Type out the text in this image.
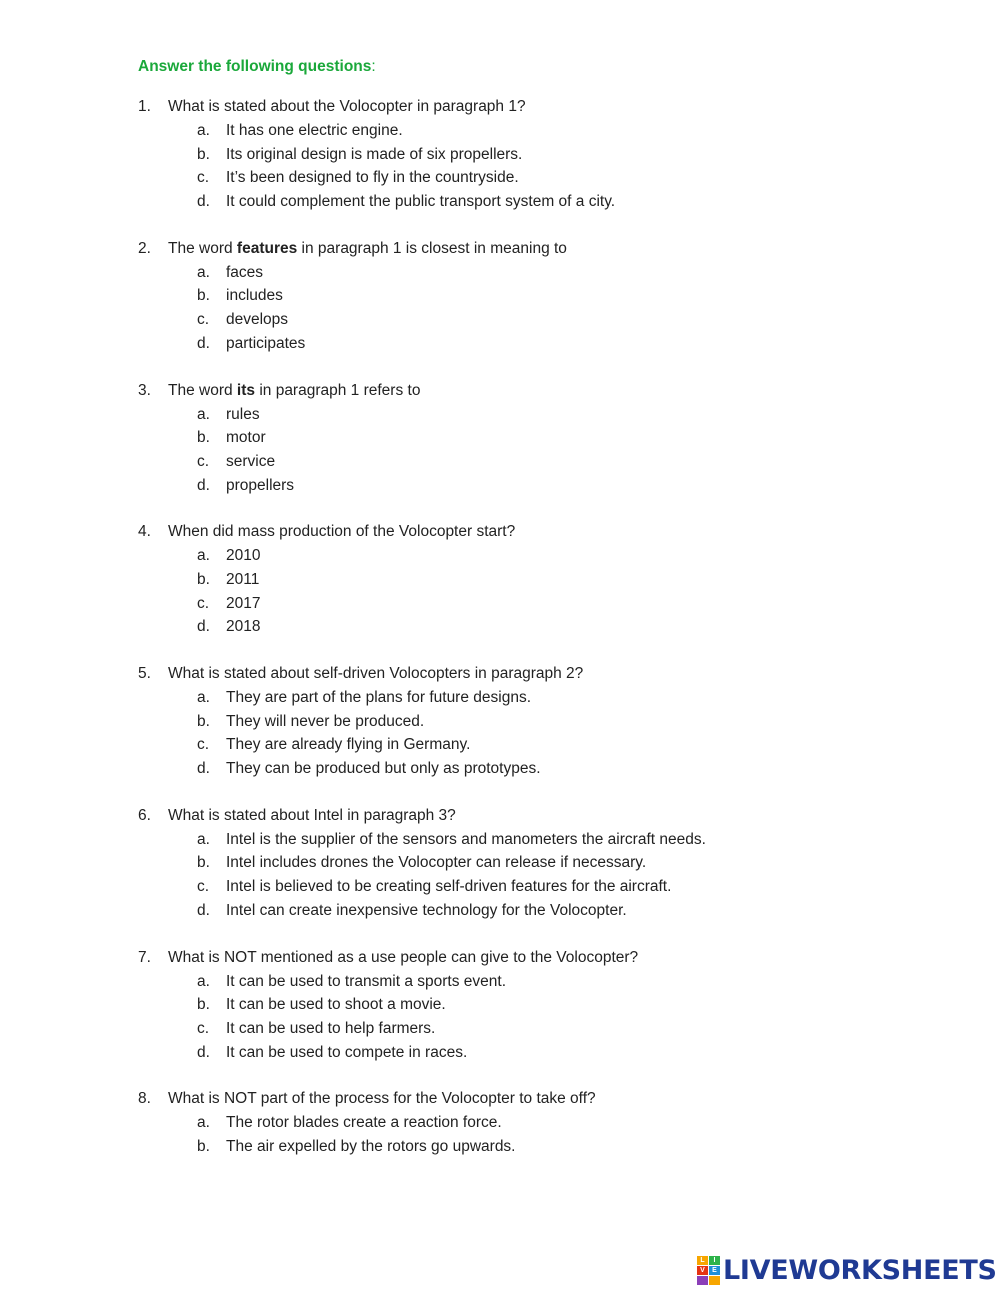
Answer the following questions:
1. What is stated about the Volocopter in paragraph 1?
a. It has one electric engine.
b. Its original design is made of six propellers.
c. It’s been designed to fly in the countryside.
d. It could complement the public transport system of a city.
2. The word features in paragraph 1 is closest in meaning to
a. faces
b. includes
c. develops
d. participates
3. The word its in paragraph 1 refers to
a. rules
b. motor
c. service
d. propellers
4. When did mass production of the Volocopter start?
a. 2010
b. 2011
c. 2017
d. 2018
5. What is stated about self-driven Volocopters in paragraph 2?
a. They are part of the plans for future designs.
b. They will never be produced.
c. They are already flying in Germany.
d. They can be produced but only as prototypes.
6. What is stated about Intel in paragraph 3?
a. Intel is the supplier of the sensors and manometers the aircraft needs.
b. Intel includes drones the Volocopter can release if necessary.
c. Intel is believed to be creating self-driven features for the aircraft.
d. Intel can create inexpensive technology for the Volocopter.
7. What is NOT mentioned as a use people can give to the Volocopter?
a. It can be used to transmit a sports event.
b. It can be used to shoot a movie.
c. It can be used to help farmers.
d. It can be used to compete in races.
8. What is NOT part of the process for the Volocopter to take off?
a. The rotor blades create a reaction force.
b. The air expelled by the rotors go upwards.
L	I
V	E LIVEWORKSHEETS
